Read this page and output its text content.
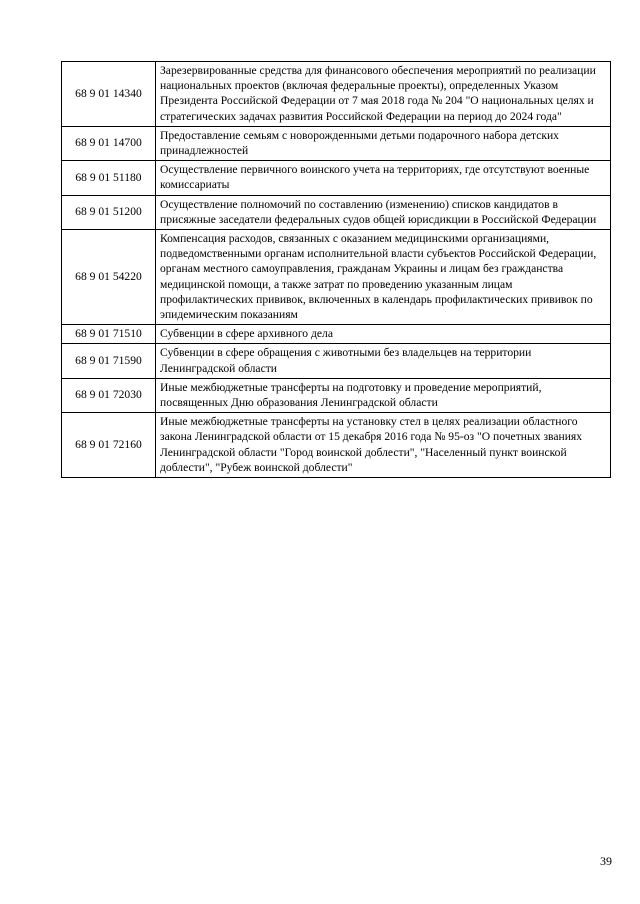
68 9 01 14340	Зарезервированные средства для финансового обеспечения мероприятий по реализации национальных проектов (включая федеральные проекты), определенных Указом Президента Российской Федерации от 7 мая 2018 года № 204 "О национальных целях и стратегических задачах развития Российской Федерации на период до 2024 года"
68 9 01 14700	Предоставление семьям с новорожденными детьми подарочного набора детских принадлежностей
68 9 01 51180	Осуществление первичного воинского учета на территориях, где отсутствуют военные комиссариаты
68 9 01 51200	Осуществление полномочий по составлению (изменению) списков кандидатов в присяжные заседатели федеральных судов общей юрисдикции в Российской Федерации
68 9 01 54220	Компенсация расходов, связанных с оказанием медицинскими организациями, подведомственными органам исполнительной власти субъектов Российской Федерации, органам местного самоуправления, гражданам Украины и лицам без гражданства медицинской помощи, а также затрат по проведению указанным лицам профилактических прививок, включенных в календарь профилактических прививок по эпидемическим показаниям
68 9 01 71510	Субвенции в сфере архивного дела
68 9 01 71590	Субвенции в сфере обращения с животными без владельцев на территории Ленинградской области
68 9 01 72030	Иные межбюджетные трансферты на подготовку и проведение мероприятий, посвященных Дню образования Ленинградской области
68 9 01 72160	Иные межбюджетные трансферты на установку стел в целях реализации областного закона Ленинградской области от 15 декабря 2016 года № 95-оз "О почетных званиях Ленинградской области "Город воинской доблести", "Населенный пункт воинской доблести", "Рубеж воинской доблести"
39
